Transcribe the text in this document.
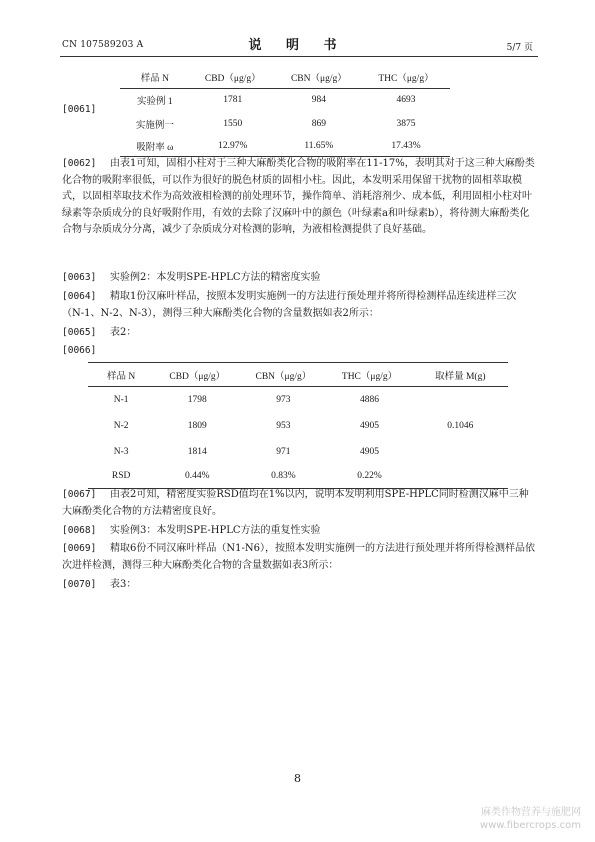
CN 107589203 A	说 明 书	5/7 页
[0061]
样品 N	CBD（μg/g）	CBN（μg/g）	THC（μg/g）
实验例 1	1781	984	4693
实施例一	1550	869	3875
吸附率 ω	12.97%	11.65%	17.43%
[0062]	由表1可知，固相小柱对于三种大麻酚类化合物的吸附率在11-17%，表明其对于这三种大麻酚类化合物的吸附率很低，可以作为很好的脱色材质的固相小柱。因此，本发明采用保留干扰物的固相萃取模式，以固相萃取技术作为高效液相检测的前处理环节，操作简单、消耗溶剂少、成本低，利用固相小柱对叶绿素等杂质成分的良好吸附作用，有效的去除了汉麻叶中的颜色（叶绿素a和叶绿素b），将待测大麻酚类化合物与杂质成分分离，减少了杂质成分对检测的影响，为液相检测提供了良好基础。
[0063] 实验例2：本发明SPE-HPLC方法的精密度实验
[0064]	精取1份汉麻叶样品，按照本发明实施例一的方法进行预处理并将所得检测样品连续进样三次（N-1、N-2、N-3），测得三种大麻酚类化合物的含量数据如表2所示：
[0065] 表2：
[0066]
样品 N	CBD（μg/g）	CBN（μg/g）	THC（μg/g）	取样量 M(g)
N-1	1798	973	4886	0.1046
N-2	1809	953	4905	
N-3	1814	971	4905	
RSD	0.44%	0.83%	0.22%	
[0067]	由表2可知，精密度实验RSD值均在1%以内，说明本发明利用SPE-HPLC同时检测汉麻中三种大麻酚类化合物的方法精密度良好。
[0068] 实验例3：本发明SPE-HPLC方法的重复性实验
[0069]	精取6份不同汉麻叶样品（N1-N6），按照本发明实施例一的方法进行预处理并将所得检测样品依次进样检测，测得三种大麻酚类化合物的含量数据如表3所示：
[0070] 表3：
8
麻类作物营养与施肥网
www.fibercrops.com
